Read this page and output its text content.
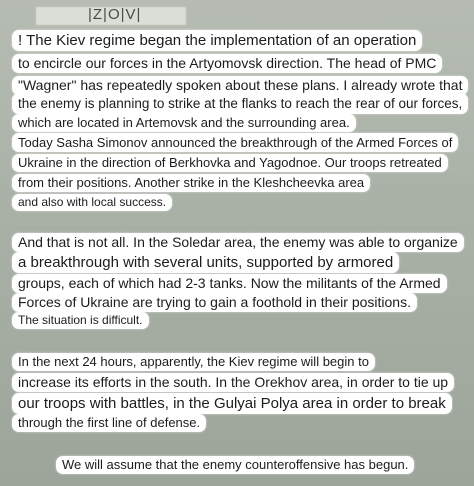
|Z|O|V|
! The Kiev regime began the implementation of an operation
to encircle our forces in the Artyomovsk direction. The head of PMC
"Wagner" has repeatedly spoken about these plans. I already wrote that
the enemy is planning to strike at the flanks to reach the rear of our forces,
which are located in Artemovsk and the surrounding area.
Today Sasha Simonov announced the breakthrough of the Armed Forces of
Ukraine in the direction of Berkhovka and Yagodnoe. Our troops retreated
from their positions. Another strike in the Kleshcheevka area
and also with local success.
And that is not all. In the Soledar area, the enemy was able to organize
a breakthrough with several units, supported by armored
groups, each of which had 2-3 tanks. Now the militants of the Armed
Forces of Ukraine are trying to gain a foothold in their positions.
The situation is difficult.
In the next 24 hours, apparently, the Kiev regime will begin to
increase its efforts in the south. In the Orekhov area, in order to tie up
our troops with battles, in the Gulyai Polya area in order to break
through the first line of defense.
We will assume that the enemy counteroffensive has begun.
